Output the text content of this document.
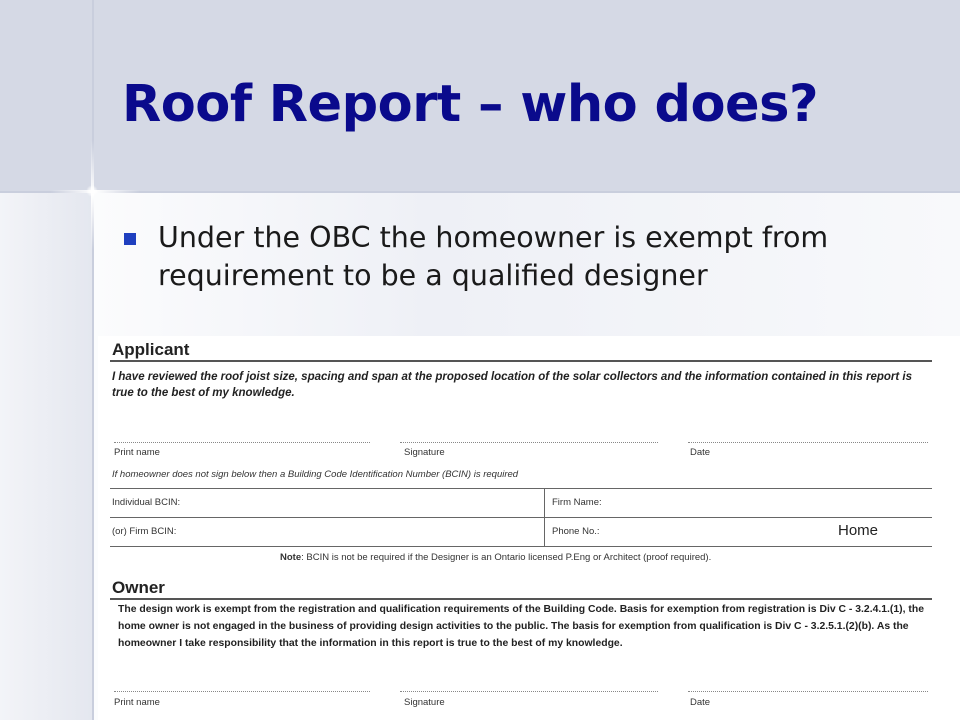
Roof Report – who does?

Under the OBC the homeowner is exempt from requirement to be a qualified designer

Applicant
I have reviewed the roof joist size, spacing and span at the proposed location of the solar collectors and the information contained in this report is true to the best of my knowledge.
Print name	Signature	Date
If homeowner does not sign below then a Building Code Identification Number (BCIN) is required
Individual BCIN:	Firm Name:
(or) Firm BCIN:	Phone No.:	Home
Note: BCIN is not be required if the Designer is an Ontario licensed P.Eng or Architect (proof required).
Owner
The design work is exempt from the registration and qualification requirements of the Building Code. Basis for exemption from registration is Div C - 3.2.4.1.(1), the home owner is not engaged in the business of providing design activities to the public. The basis for exemption from qualification is Div C - 3.2.5.1.(2)(b). As the homeowner I take responsibility that the information in this report is true to the best of my knowledge.
Print name	Signature	Date
